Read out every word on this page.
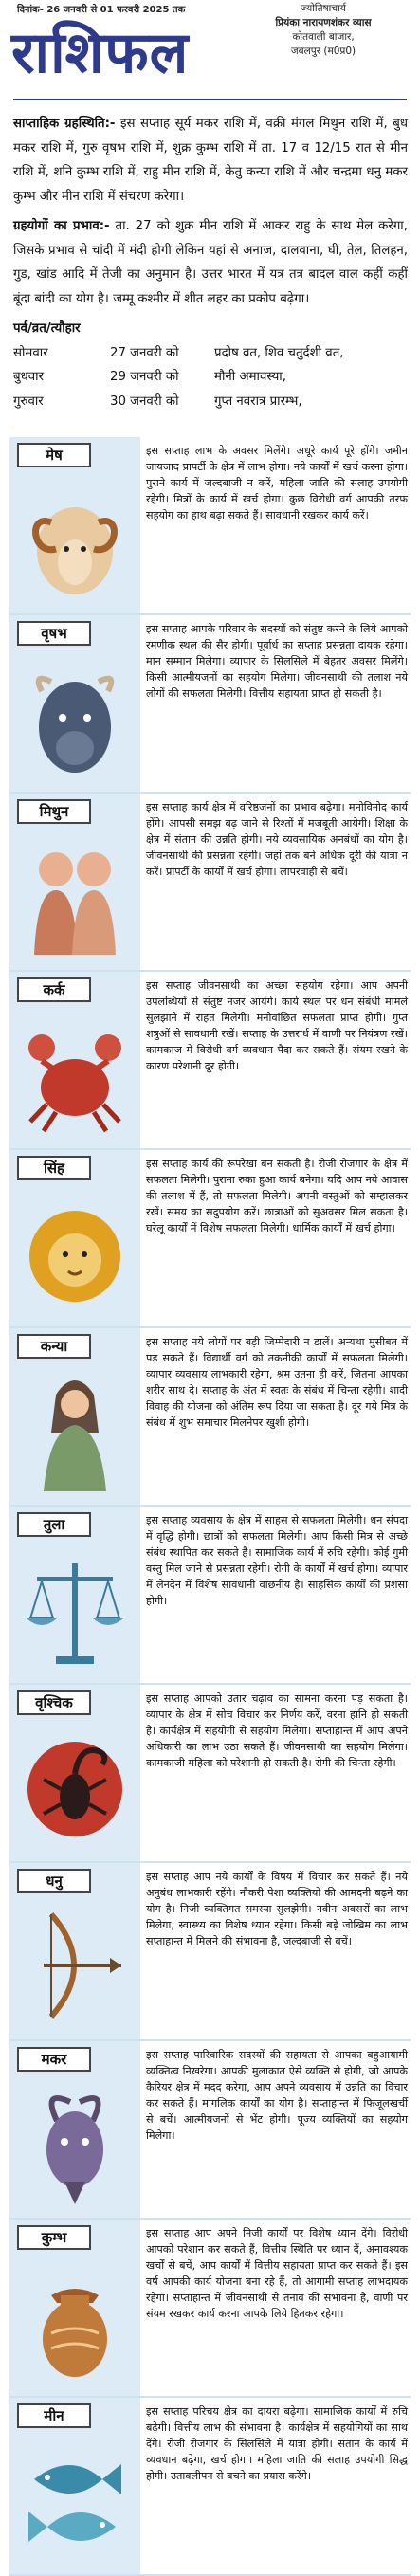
दिनांक- 26 जनवरी से 01 फरवरी 2025 तक
राशिफल
ज्योतिषाचार्य
प्रियंका नारायणशंकर व्यास
कोतवाली बाजार,
जबलपुर (म0प्र0)

साप्ताहिक ग्रहस्थिति:- इस सप्ताह सूर्य मकर राशि में, वक्री मंगल मिथुन राशि में, बुध मकर राशि में, गुरु वृषभ राशि में, शुक्र कुम्भ राशि में ता. 17 व 12/15 रात से मीन राशि में, शनि कुम्भ राशि में, राहु मीन राशि में, केतु कन्या राशि में और चन्द्रमा धनु मकर कुम्भ और मीन राशि में संचरण करेगा।

ग्रहयोगों का प्रभाव:- ता. 27 को शुक्र मीन राशि में आकर राहु के साथ मेल करेगा, जिसके प्रभाव से चांदी में मंदी होगी लेकिन यहां से अनाज, दालवाना, घी, तेल, तिलहन, गुड, खांड आदि में तेजी का अनुमान है। उत्तर भारत में यत्र तत्र बादल वाल कहीं कहीं बूंदा बांदी का योग है। जम्मू कश्मीर में शीत लहर का प्रकोप बढ़ेगा।

पर्व/व्रत/त्यौहार
सोमवार	27 जनवरी को	प्रदोष व्रत, शिव चतुर्दशी व्रत,
बुधवार	29 जनवरी को	मौनी अमावस्या,
गुरुवार	30 जनवरी को	गुप्त नवरात्र प्रारम्भ,
मेष	इस सप्ताह लाभ के अवसर मिलेंगे। अधूरे कार्य पूरे होंगे। जमीन जायजाद प्रापर्टी के क्षेत्र में लाभ होगा। नये कार्यों में खर्च करना होगा। पुराने कार्य में जल्दबाजी न करें, महिला जाति की सलाह उपयोगी रहेगी। मित्रों के कार्य में खर्च होगा। कुछ विरोधी वर्ग आपकी तरफ सहयोग का हाथ बढ़ा सकते हैं। सावधानी रखकर कार्य करें।
वृषभ	इस सप्ताह आपके परिवार के सदस्यों को संतुष्ट करने के लिये आपको रमणीक स्थल की सैर होगी। पूर्वार्ध का सप्ताह प्रसन्नता दायक रहेगा। मान सम्मान मिलेगा। व्यापार के सिलसिले में बेहतर अवसर मिलेंगे। किसी आत्मीयजनों का सहयोग मिलेगा। जीवनसाथी की तलाश नये लोगों की सफलता मिलेगी। वित्तीय सहायता प्राप्त हो सकती है।
मिथुन	इस सप्ताह कार्य क्षेत्र में वरिष्ठजनों का प्रभाव बढ़ेगा। मनोविनोद कार्य होंगे। आपसी समझ बढ़ जाने से रिश्तों में मजबूती आयेगी। शिक्षा के क्षेत्र में संतान की उन्नति होगी। नये व्यवसायिक अनबंधों का योग है। जीवनसाथी की प्रसन्नता रहेगी। जहां तक बने अधिक दूरी की यात्रा न करें। प्रापर्टी के कार्यों में खर्च होगा। लापरवाही से बचें।
कर्क	इस सप्ताह जीवनसाथी का अच्छा सहयोग रहेगा। आप अपनी उपलब्धियों से संतुष्ट नजर आयेंगे। कार्य स्थल पर धन संबंधी मामले सुलझाने में राहत मिलेगी। मनोवांछित सफलता प्राप्त होगी। गुप्त शत्रुओं से सावधानी रखें। सप्ताह के उत्तरार्ध में वाणी पर नियंत्रण रखें। कामकाज में विरोधी वर्ग व्यवधान पैदा कर सकते हैं। संयम रखने के कारण परेशानी दूर होगी।
सिंह	इस सप्ताह कार्य की रूपरेखा बन सकती है। रोजी रोजगार के क्षेत्र में सफलता मिलेगी। पुराना रुका हुआ कार्य बनेगा। यदि आप नये आवास की तलाश में हैं, तो सफलता मिलेगी। अपनी वस्तुओं को सम्हालकर रखें। समय का सदुपयोग करें। छात्राओं को सुअवसर मिल सकता है। घरेलू कार्यों में विशेष सफलता मिलेगी। धार्मिक कार्यों में खर्च होगा।
कन्या	इस सप्ताह नये लोगों पर बड़ी जिम्मेदारी न डालें। अन्यथा मुसीबत में पड़ सकते हैं। विद्यार्थी वर्ग को तकनीकी कार्यों में सफलता मिलेगी। व्यापार व्यवसाय लाभकारी रहेगा, श्रम उतना ही करें, जितना आपका शरीर साथ दे। सप्ताह के अंत में स्वतः के संबंध में चिन्ता रहेगी। शादी विवाह की योजना को अंतिम रूप दिया जा सकता है। दूर गये मित्र के संबंध में शुभ समाचार मिलनेपर खुशी होगी।
तुला	इस सप्ताह व्यवसाय के क्षेत्र में साहस से सफलता मिलेगी। धन संपदा में वृद्धि होगी। छात्रों को सफलता मिलेगी। आप किसी मित्र से अच्छे संबंध स्थापित कर सकते हैं। सामाजिक कार्य में रुचि रहेगी। कोई गुमी वस्तु मिल जाने से प्रसन्नता रहेगी। रोगी के कार्यों में खर्च होगा। व्यापार में लेनदेन में विशेष सावधानी वांछनीय है। साहसिक कार्यों की प्रशंसा होगी।
वृश्चिक	इस सप्ताह आपको उतार चढ़ाव का सामना करना पड़ सकता है। व्यापार के क्षेत्र में सोच विचार कर निर्णय करें, वरना हानि हो सकती है। कार्यक्षेत्र में सहयोगी से सहयोग मिलेगा। सप्ताहान्त में आप अपने अधिकारी का लाभ उठा सकते हैं। जीवनसाथी का सहयोग मिलेगा। कामकाजी महिला को परेशानी हो सकती है। रोगी की चिन्ता रहेगी।
धनु	इस सप्ताह आप नये कार्यों के विषय में विचार कर सकते हैं। नये अनुबंध लाभकारी रहेंगे। नौकरी पेशा व्यक्तियों की आमदनी बढ़ने का योग है। निजी व्यक्तिगत समस्या सुलझेगी। नवीन अवसरों का लाभ मिलेगा, स्वास्थ्य का विशेष ध्यान रहेगा। किसी बड़े जोखिम का लाभ सप्ताहान्त में मिलने की संभावना है, जल्दबाजी से बचें।
मकर	इस सप्ताह पारिवारिक सदस्यों की सहायता से आपका बहुआयामी व्यक्तित्व निखरेगा। आपकी मुलाकात ऐसे व्यक्ति से होगी, जो आपके कैरियर क्षेत्र में मदद करेगा, आप अपने व्यवसाय में उन्नति का विचार कर सकते हैं। मांगलिक कार्यों का योग है। सप्ताहान्त में फिजूलखर्ची से बचें। आत्मीयजनों से भेंट होगी। पूज्य व्यक्तियों का सहयोग मिलेगा।
कुम्भ	इस सप्ताह आप अपने निजी कार्यों पर विशेष ध्यान देंगे। विरोधी आपको परेशान कर सकते हैं, वित्तीय स्थिति पर ध्यान दें, अनावश्यक खर्चों से बचें, आप कार्यों में वित्तीय सहायता प्राप्त कर सकते हैं। इस वर्ष आपकी कार्य योजना बना रहे हैं, तो आगामी सप्ताह लाभदायक रहेगा। सप्ताहान्त में जीवनसाथी से तनाव की संभावना है, वाणी पर संयम रखकर कार्य करना आपके लिये हितकर रहेगा।
मीन	इस सप्ताह परिचय क्षेत्र का दायरा बढ़ेगा। सामाजिक कार्यों में रुचि बढ़ेगी। वित्तीय लाभ की संभावना है। कार्यक्षेत्र में सहयोगियों का साथ देंगे। रोजी रोजगार के सिलसिले में यात्रा होगी। संतान के कार्य में व्यवधान बढ़ेगा, खर्च होगा। महिला जाति की सलाह उपयोगी सिद्ध होगी। उतावलीपन से बचने का प्रयास करेंगे।
